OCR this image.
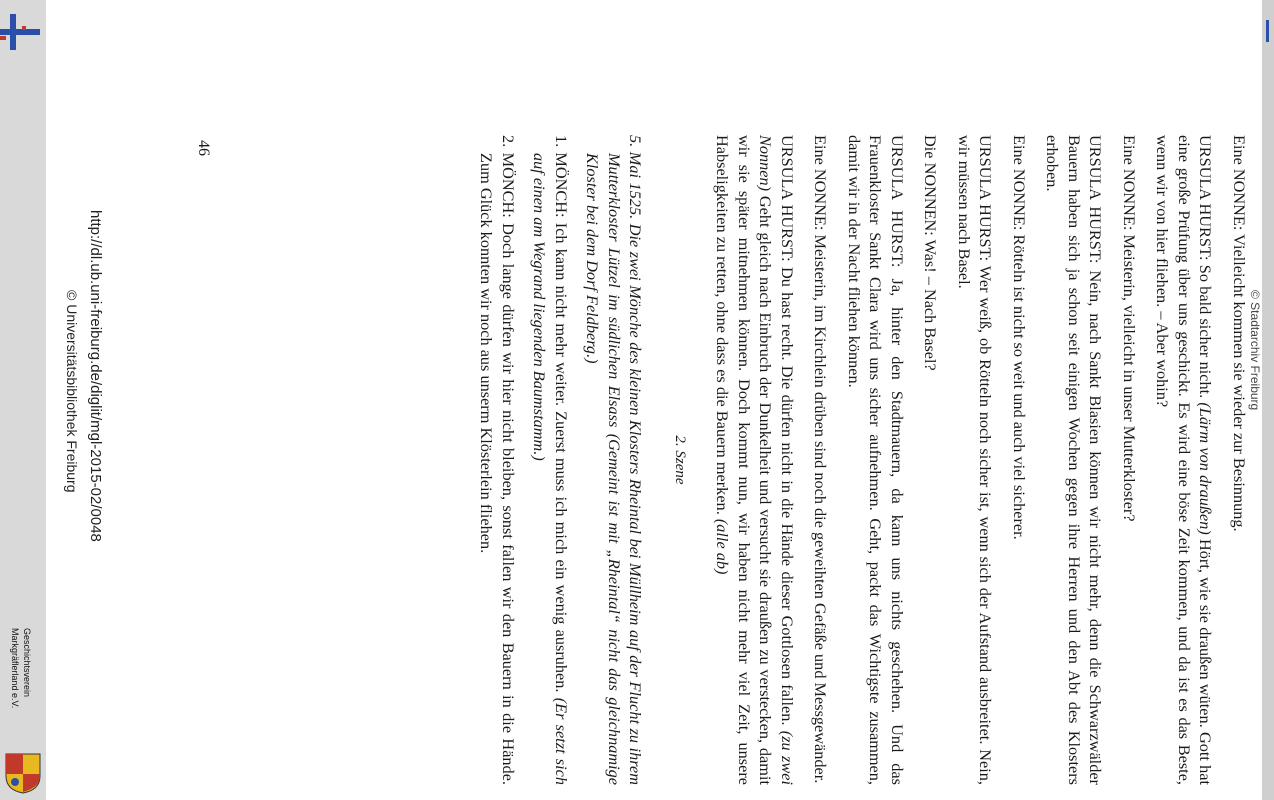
Geschichtsverein
Markgräflerland e.V.
© Stadtarchiv Freiburg

Eine NONNE: Vielleicht kommen sie wieder zur Besinnung.

URSULA HURST: So bald sicher nicht. (Lärm von draußen) Hört, wie sie draußen wüten. Gott hat eine große Prüfung über uns geschickt. Es wird eine böse Zeit kommen, und da ist es das Beste, wenn wir von hier fliehen. – Aber wohin?

Eine NONNE: Meisterin, vielleicht in unser Mutterkloster?

URSULA HURST: Nein, nach Sankt Blasien können wir nicht mehr, denn die Schwarzwälder Bauern haben sich ja schon seit einigen Wochen gegen ihre Herren und den Abt des Klosters erhoben.

Eine NONNE: Rötteln ist nicht so weit und auch viel sicherer.

URSULA HURST: Wer weiß, ob Rötteln noch sicher ist, wenn sich der Aufstand ausbreitet. Nein, wir müssen nach Basel.

Die NONNEN: Was! – Nach Basel?

URSULA HURST: Ja, hinter den Stadtmauern, da kann uns nichts geschehen. Und das Frauenkloster Sankt Clara wird uns sicher aufnehmen. Geht, packt das Wichtigste zusammen, damit wir in der Nacht fliehen können.

Eine NONNE: Meisterin, im Kirchlein drüben sind noch die geweihten Gefäße und Messgewänder.

URSULA HURST: Du hast recht. Die dürfen nicht in die Hände dieser Gottlosen fallen. (zu zwei Nonnen) Geht gleich nach Einbruch der Dunkelheit und versucht sie draußen zu verstecken, damit wir sie später mitnehmen können. Doch kommt nun, wir haben nicht mehr viel Zeit, unsere Habseligkeiten zu retten, ohne dass es die Bauern merken. (alle ab)

2. Szene

5. Mai 1525. Die zwei Mönche des kleinen Klosters Rheintal bei Müllheim auf der Flucht zu ihrem Mutterkloster Lützel im südlichen Elsass (Gemeint ist mit „Rheintal“ nicht das gleichnamige Kloster bei dem Dorf Feldberg.)

1. MÖNCH: Ich kann nicht mehr weiter. Zuerst muss ich mich ein wenig ausruhen. (Er setzt sich auf einen am Wegrand liegenden Baumstamm.)

2. MÖNCH: Doch lange dürfen wir hier nicht bleiben, sonst fallen wir den Bauern in die Hände. Zum Glück konnten wir noch aus unserm Klösterlein fliehen.

46
http://dl.ub.uni-freiburg.de/diglit/mgl-2015-02/0048
© Universitätsbibliothek Freiburg
